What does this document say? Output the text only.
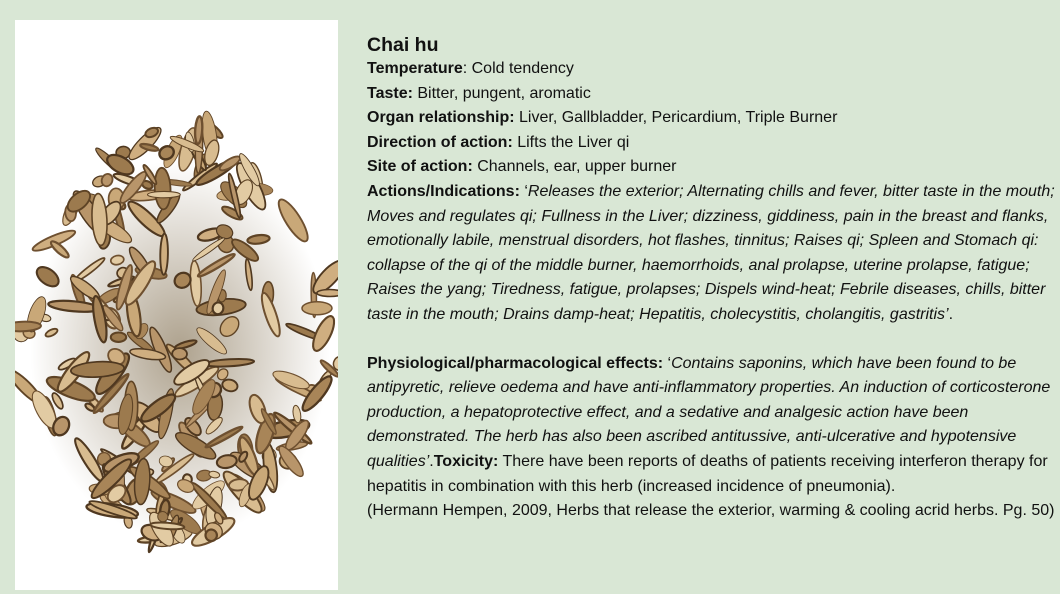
Chai hu

Temperature: Cold tendency

Taste: Bitter, pungent, aromatic

Organ relationship: Liver, Gallbladder, Pericardium, Triple Burner

Direction of action: Lifts the Liver qi

Site of action: Channels, ear, upper burner

Actions/Indications: ‘Releases the exterior; Alternating chills and fever, bitter taste in the mouth; Moves and regulates qi; Fullness in the Liver; dizziness, giddiness, pain in the breast and flanks, emotionally labile, menstrual disorders, hot flashes, tinnitus; Raises qi; Spleen and Stomach qi: collapse of the qi of the middle burner, haemorrhoids, anal prolapse, uterine prolapse, fatigue; Raises the yang; Tiredness, fatigue, prolapses; Dispels wind-heat; Febrile diseases, chills, bitter taste in the mouth; Drains damp-heat; Hepatitis, cholecystitis, cholangitis, gastritis’.

Physiological/pharmacological effects: ‘Contains saponins, which have been found to be antipyretic, relieve oedema and have anti-inflammatory properties. An induction of corticosterone production, a hepatoprotective effect, and a sedative and analgesic action have been demonstrated. The herb has also been ascribed antitussive, anti-ulcerative and hypotensive qualities’.Toxicity: There have been reports of deaths of patients receiving interferon therapy for hepatitis in combination with this herb (increased incidence of pneumonia).

(Hermann Hempen, 2009, Herbs that release the exterior, warming & cooling acrid herbs. Pg. 50)
